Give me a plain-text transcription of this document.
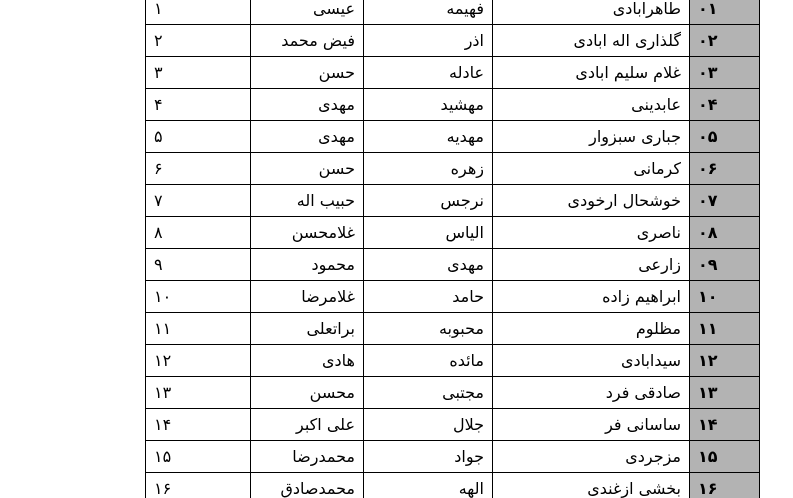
۰۱	طاهرابادی	فهیمه	عیسی	۱
۰۲	گلذاری اله ابادی	اذر	فیض محمد	۲
۰۳	غلام سلیم ابادی	عادله	حسن	۳
۰۴	عابدینی	مهشید	مهدی	۴
۰۵	جباری سبزوار	مهدیه	مهدی	۵
۰۶	کرمانی	زهره	حسن	۶
۰۷	خوشحال ارخودی	نرجس	حبیب اله	۷
۰۸	ناصری	الیاس	غلامحسن	۸
۰۹	زارعی	مهدی	محمود	۹
۱۰	ابراهیم زاده	حامد	غلامرضا	۱۰
۱۱	مظلوم	محبوبه	براتعلی	۱۱
۱۲	سیدابادی	مائده	هادی	۱۲
۱۳	صادقی فرد	مجتبی	محسن	۱۳
۱۴	ساسانی فر	جلال	علی اکبر	۱۴
۱۵	مزجردی	جواد	محمدرضا	۱۵
۱۶	بخشی ازغندی	الهه	محمدصادق	۱۶
